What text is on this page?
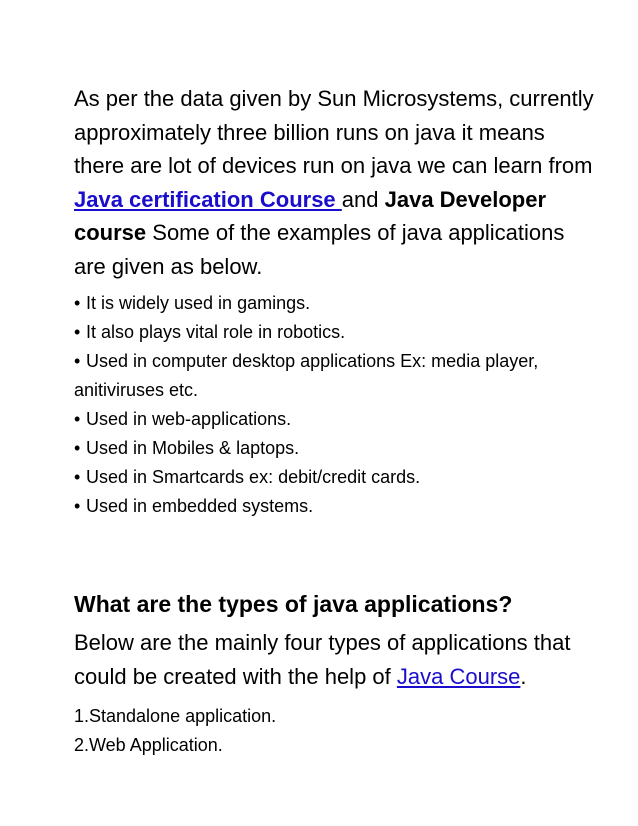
As per the data given by Sun Microsystems, currently approximately three billion runs on java it means there are lot of devices run on java we can learn from Java certification Course and Java Developer course Some of the examples of java applications are given as below.

• It is widely used in gamings.
• It also plays vital role in robotics.
• Used in computer desktop applications Ex: media player, anitiviruses etc.
• Used in web-applications.
• Used in Mobiles & laptops.
• Used in Smartcards ex: debit/credit cards.
• Used in embedded systems.
What are the types of java applications?

Below are the mainly four types of applications that could be created with the help of Java Course.

1.Standalone application.
2.Web Application.
